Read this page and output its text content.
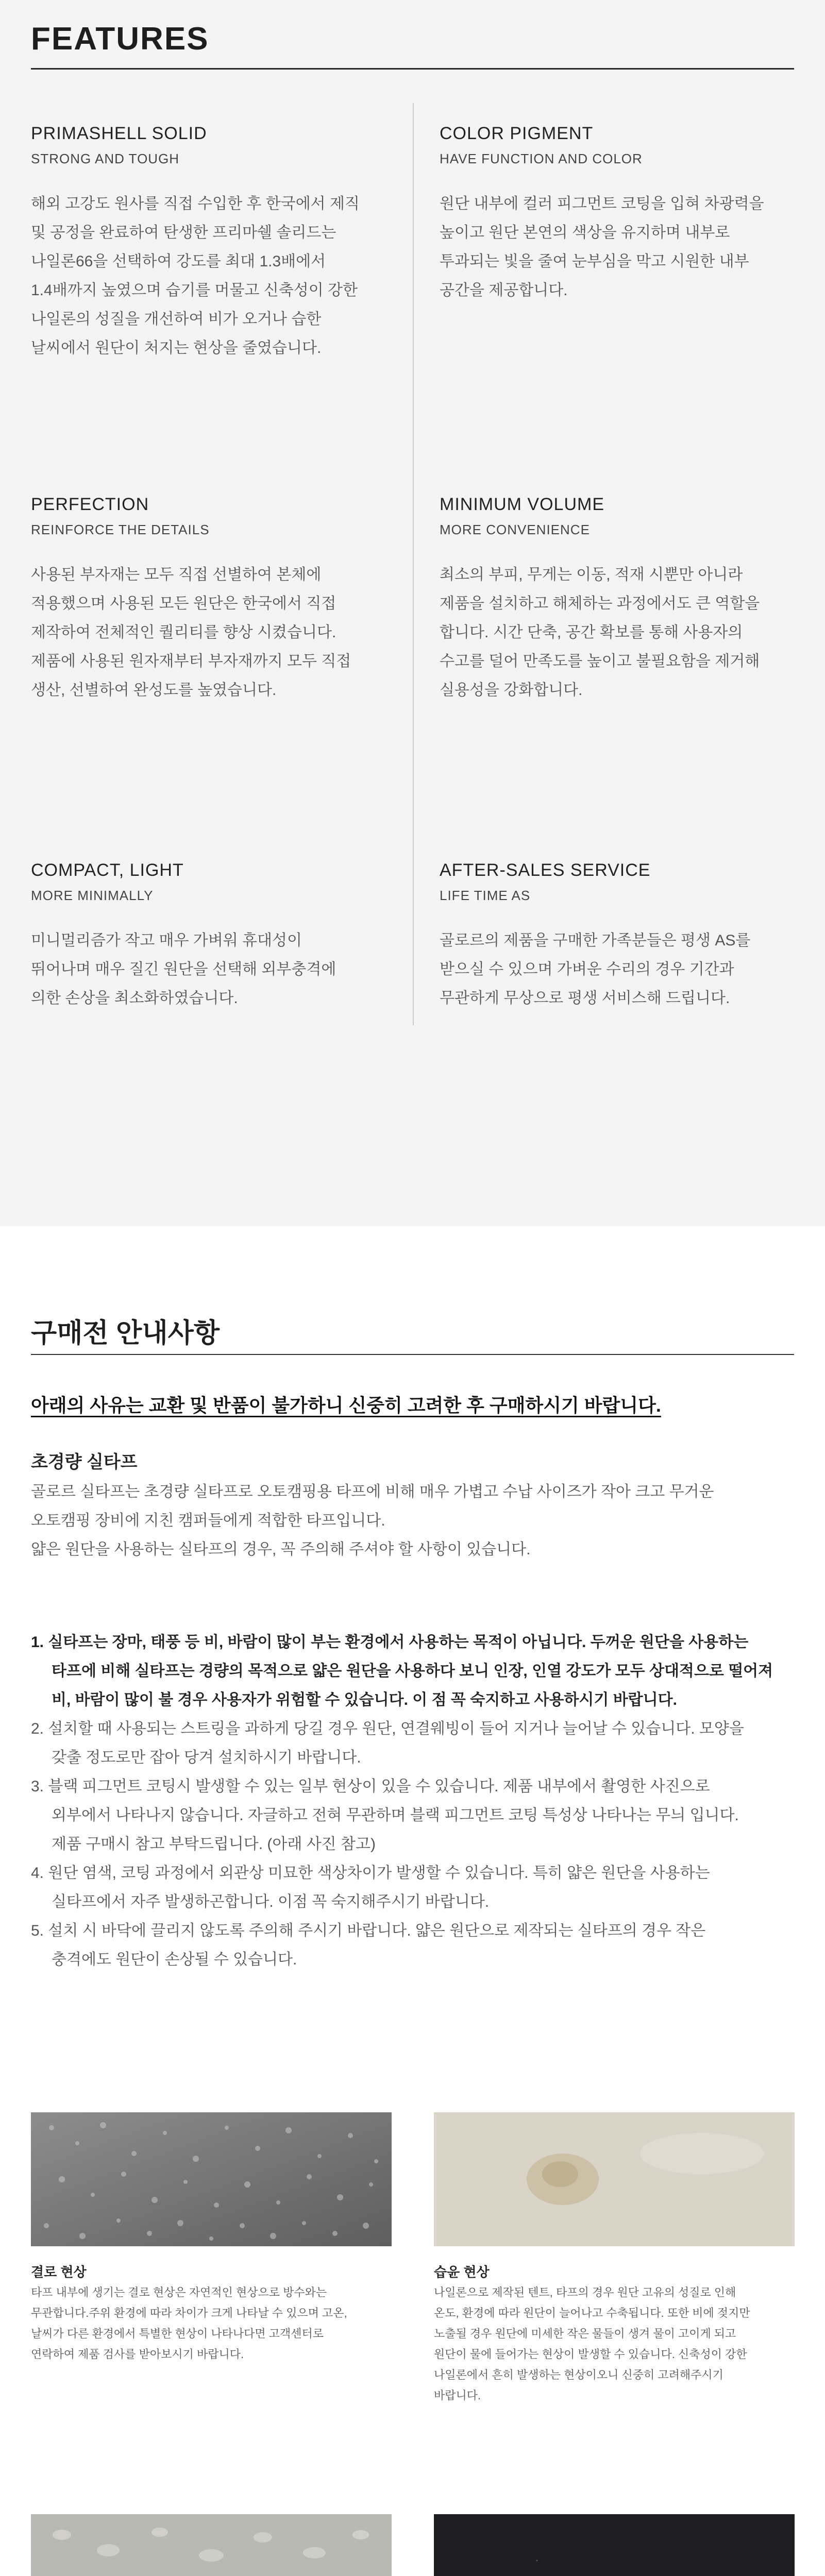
FEATURES
PRIMASHELL SOLID
STRONG AND TOUGH
해외 고강도 원사를 직접 수입한 후 한국에서 제직
및 공정을 완료하여 탄생한 프리마쉘 솔리드는
나일론66을 선택하여 강도를 최대 1.3배에서
1.4배까지 높였으며 습기를 머물고 신축성이 강한
나일론의 성질을 개선하여 비가 오거나 습한
날씨에서 원단이 처지는 현상을 줄였습니다.
COLOR PIGMENT
HAVE FUNCTION AND COLOR
원단 내부에 컬러 피그먼트 코팅을 입혀 차광력을
높이고 원단 본연의 색상을 유지하며 내부로
투과되는 빛을 줄여 눈부심을 막고 시원한 내부
공간을 제공합니다.
PERFECTION
REINFORCE THE DETAILS
사용된 부자재는 모두 직접 선별하여 본체에
적용했으며 사용된 모든 원단은 한국에서 직접
제작하여 전체적인 퀄리티를 향상 시켰습니다.
제품에 사용된 원자재부터 부자재까지 모두 직접
생산, 선별하여 완성도를 높였습니다.
MINIMUM VOLUME
MORE CONVENIENCE
최소의 부피, 무게는 이동, 적재 시뿐만 아니라
제품을 설치하고 해체하는 과정에서도 큰 역할을
합니다. 시간 단축, 공간 확보를 통해 사용자의
수고를 덜어 만족도를 높이고 불필요함을 제거해
실용성을 강화합니다.
COMPACT, LIGHT
MORE MINIMALLY
미니멀리즘가 작고 매우 가벼워 휴대성이
뛰어나며 매우 질긴 원단을 선택해 외부충격에
의한 손상을 최소화하였습니다.
AFTER-SALES SERVICE
LIFE TIME AS
골로르의 제품을 구매한 가족분들은 평생 AS를
받으실 수 있으며 가벼운 수리의 경우 기간과
무관하게 무상으로 평생 서비스해 드립니다.
구매전 안내사항
아래의 사유는 교환 및 반품이 불가하니 신중히 고려한 후 구매하시기 바랍니다.
초경량 실타프
골로르 실타프는 초경량 실타프로 오토캠핑용 타프에 비해 매우 가볍고 수납 사이즈가 작아 크고 무거운
오토캠핑 장비에 지친 캠퍼들에게 적합한 타프입니다.
얇은 원단을 사용하는 실타프의 경우, 꼭 주의해 주셔야 할 사항이 있습니다.
1. 실타프는 장마, 태풍 등 비, 바람이 많이 부는 환경에서 사용하는 목적이 아닙니다. 두꺼운 원단을 사용하는
타프에 비해 실타프는 경량의 목적으로 얇은 원단을 사용하다 보니 인장, 인열 강도가 모두 상대적으로 떨어져
비, 바람이 많이 불 경우 사용자가 위험할 수 있습니다. 이 점 꼭 숙지하고 사용하시기 바랍니다.
2. 설치할 때 사용되는 스트링을 과하게 당길 경우 원단, 연결웨빙이 들어 지거나 늘어날 수 있습니다. 모양을
갖출 정도로만 잡아 당겨 설치하시기 바랍니다.
3. 블랙 피그먼트 코팅시 발생할 수 있는 일부 현상이 있을 수 있습니다. 제품 내부에서 촬영한 사진으로
외부에서 나타나지 않습니다. 자글하고 전혀 무관하며 블랙 피그먼트 코팅 특성상 나타나는 무늬 입니다.
제품 구매시 참고 부탁드립니다. (아래 사진 참고)
4. 원단 염색, 코팅 과정에서 외관상 미묘한 색상차이가 발생할 수 있습니다. 특히 얇은 원단을 사용하는
실타프에서 자주 발생하곤합니다. 이점 꼭 숙지해주시기 바랍니다.
5. 설치 시 바닥에 끌리지 않도록 주의해 주시기 바랍니다. 얇은 원단으로 제작되는 실타프의 경우 작은
충격에도 원단이 손상될 수 있습니다.
결로 현상
타프 내부에 생기는 결로 현상은 자연적인 현상으로 방수와는
무관합니다.주위 환경에 따라 차이가 크게 나타날 수 있으며 고온,
날씨가 다른 환경에서 특별한 현상이 나타나다면 고객센터로
연락하여 제품 검사를 받아보시기 바랍니다.
습윤 현상
나일론으로 제작된 텐트, 타프의 경우 원단 고유의 성질로 인해
온도, 환경에 따라 원단이 늘어나고 수축됩니다. 또한 비에 젖지만
노출될 경우 원단에 미세한 작은 물들이 생겨 물이 고이게 되고
원단이 물에 들어가는 현상이 발생할 수 있습니다. 신축성이 강한
나일론에서 흔히 발생하는 현상이오니 신중히 고려해주시기
바랍니다.
